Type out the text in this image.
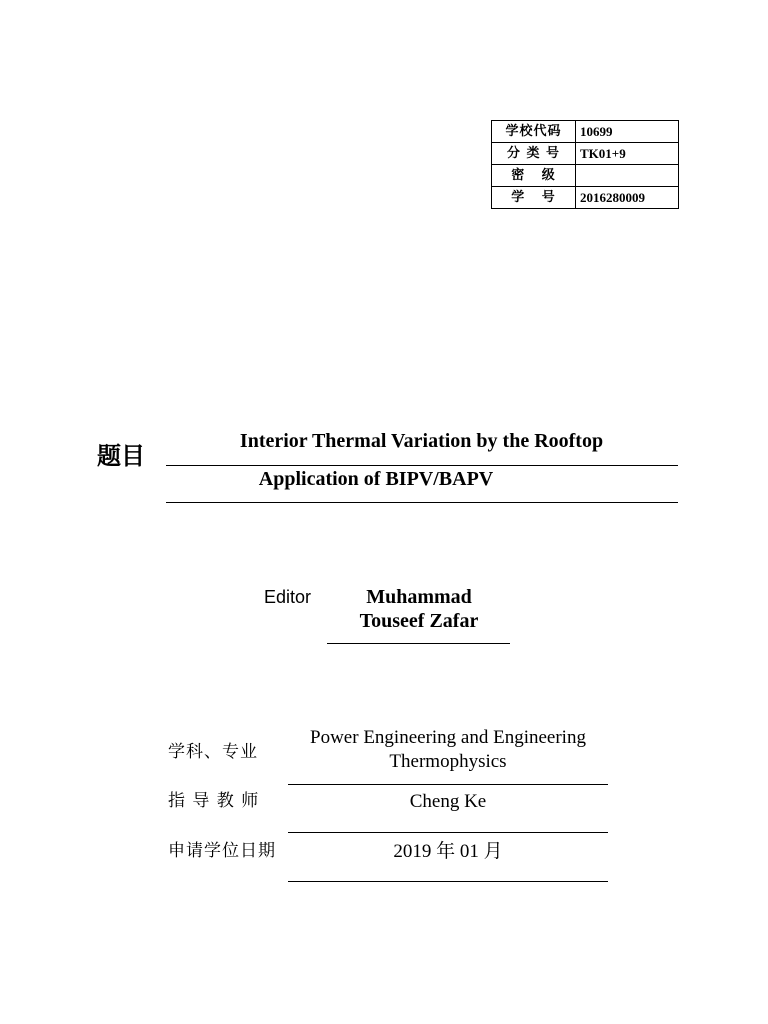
学校代码	10699
分 类 号	TK01+9
密   级	
学   号	2016280009
题目
Interior Thermal Variation by the Rooftop
Application of BIPV/BAPV
Editor	Muhammad
Touseef Zafar
学科、专业
Power Engineering and Engineering
Thermophysics
指 导 教 师	Cheng Ke
申请学位日期	2019 年 01 月
